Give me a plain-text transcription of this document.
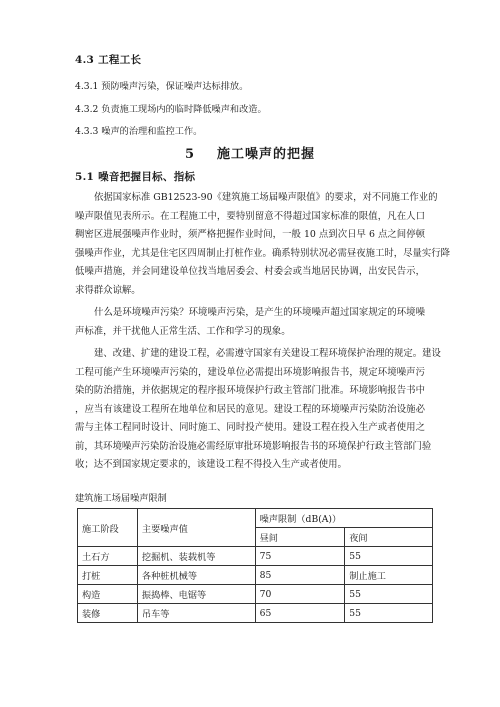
4.3 工程工长
4.3.1 预防噪声污染，保证噪声达标排放。
4.3.2 负责施工现场内的临时降低噪声和改造。
4.3.3 噪声的治理和监控工作。
5 施工噪声的把握
5.1 噪音把握目标、指标
依据国家标准 GB12523-90《建筑施工场届噪声限值》的要求，对不同施工作业的
噪声限值见表所示。在工程施工中，要特别留意不得超过国家标准的限值，凡在人口
稠密区进展强噪声作业时，须严格把握作业时间，一般 10 点到次日早 6 点之间停顿
强噪声作业，尤其是住宅区四周制止打桩作业。确系特别状况必需昼夜施工时，尽量实行降
低噪声措施，并会同建设单位找当地居委会、村委会或当地居民协调，出安民告示，
求得群众谅解。
什么是环境噪声污染？环境噪声污染，是产生的环境噪声超过国家规定的环境噪
声标准，并干扰他人正常生活、工作和学习的现象。
建、改建、扩建的建设工程，必需遵守国家有关建设工程环境保护治理的规定。建设
工程可能产生环境噪声污染的，建设单位必需提出环境影响报告书，规定环境噪声污
染的防治措施，并依据规定的程序报环境保护行政主管部门批准。环境影响报告书中
，应当有该建设工程所在地单位和居民的意见。建设工程的环境噪声污染防治设施必
需与主体工程同时设计、同时施工、同时投产使用。建设工程在投入生产或者使用之
前，其环境噪声污染防治设施必需经原审批环境影响报告书的环境保护行政主管部门验
收；达不到国家规定要求的，该建设工程不得投入生产或者使用。
建筑施工场届噪声限制
施工阶段	主要噪声值	噪声限制（dB(A)）	
		昼间	夜间
土石方	挖掘机、装载机等	75	55
打桩	各种桩机械等	85	制止施工
构造	振捣棒、电锯等	70	55
装修	吊车等	65	55
